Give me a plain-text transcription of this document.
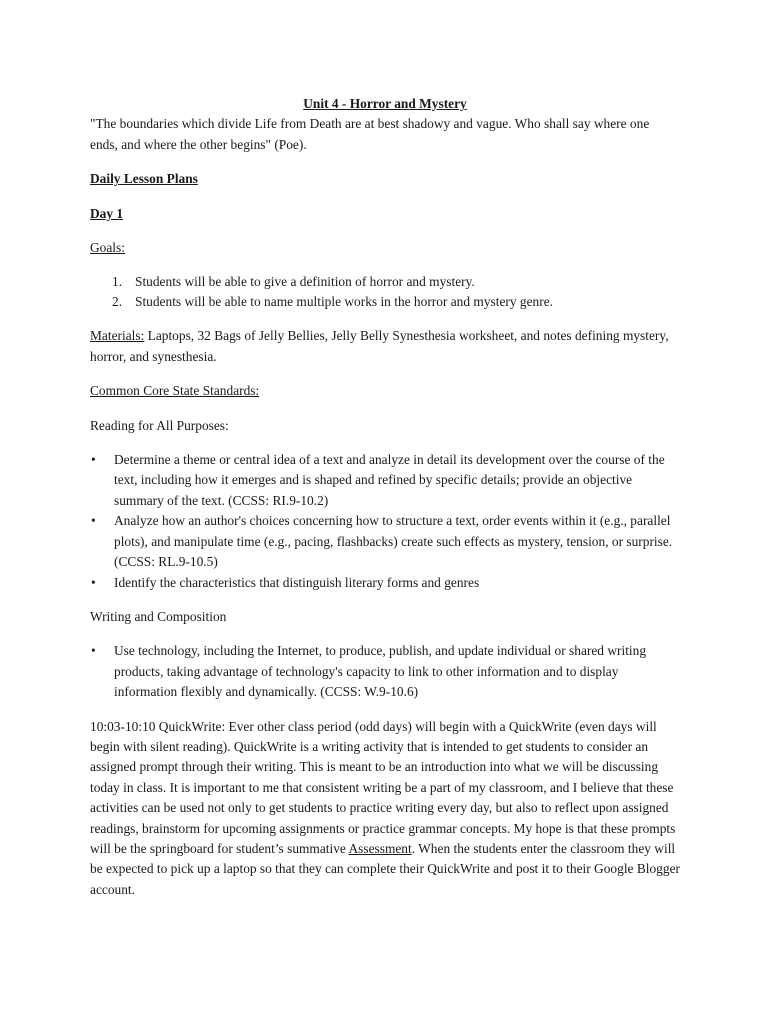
Unit 4 - Horror and Mystery

"The boundaries which divide Life from Death are at best shadowy and vague. Who shall say where one ends, and where the other begins" (Poe).

Daily Lesson Plans

Day 1

Goals:

1. Students will be able to give a definition of horror and mystery.
2. Students will be able to name multiple works in the horror and mystery genre.

Materials: Laptops, 32 Bags of Jelly Bellies, Jelly Belly Synesthesia worksheet, and notes defining mystery, horror, and synesthesia.

Common Core State Standards:

Reading for All Purposes:

• Determine a theme or central idea of a text and analyze in detail its development over the course of the text, including how it emerges and is shaped and refined by specific details; provide an objective summary of the text. (CCSS: RI.9-10.2)
• Analyze how an author's choices concerning how to structure a text, order events within it (e.g., parallel plots), and manipulate time (e.g., pacing, flashbacks) create such effects as mystery, tension, or surprise. (CCSS: RL.9-10.5)
• Identify the characteristics that distinguish literary forms and genres

Writing and Composition

• Use technology, including the Internet, to produce, publish, and update individual or shared writing products, taking advantage of technology's capacity to link to other information and to display information flexibly and dynamically. (CCSS: W.9-10.6)

10:03-10:10 QuickWrite: Ever other class period (odd days) will begin with a QuickWrite (even days will begin with silent reading). QuickWrite is a writing activity that is intended to get students to consider an assigned prompt through their writing. This is meant to be an introduction into what we will be discussing today in class. It is important to me that consistent writing be a part of my classroom, and I believe that these activities can be used not only to get students to practice writing every day, but also to reflect upon assigned readings, brainstorm for upcoming assignments or practice grammar concepts. My hope is that these prompts will be the springboard for student’s summative Assessment. When the students enter the classroom they will be expected to pick up a laptop so that they can complete their QuickWrite and post it to their Google Blogger account.
